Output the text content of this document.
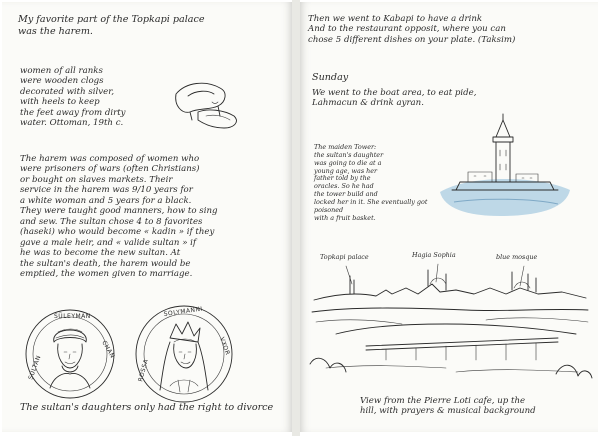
My favorite part of the Topkapi palace
was the harem.
women of all ranks
were wooden clogs
decorated with silver,
with heels to keep
the feet away from dirty
water. Ottoman, 19th c.
The harem was composed of women who
were prisoners of wars (often Christians)
or bought on slaves markets. Their
service in the harem was 9/10 years for
a white woman and 5 years for a black.
They were taught good manners, how to sing
and sew. The sultan chose 4 to 8 favorites
(haseki) who would become « kadin » if they
gave a male heir, and « valide sultan » if
he was to become the new sultan. At
the sultan's death, the harem would be
emptied, the women given to marriage.
SÜLEYMAN
CHAN
SULTAN
SOLYMANNI
ROSSA
VXOR
The sultan's daughters only had the right to divorce
Then we went to Kabapi to have a drink
And to the restaurant opposit, where you can
chose 5 different dishes on your plate. (Taksim)
Sunday
We went to the boat area, to eat pide,
Lahmacun & drink ayran.
The maiden Tower:
the sultan's daughter
was going to die at a
young age, was her
father told by the
oracles. So he had
the tower build and
locked her in it. She eventually got poisoned
with a fruit basket.
Topkapi palace	Hagia Sophia	blue mosque
View from the Pierre Loti cafe, up the
hill, with prayers & musical background
